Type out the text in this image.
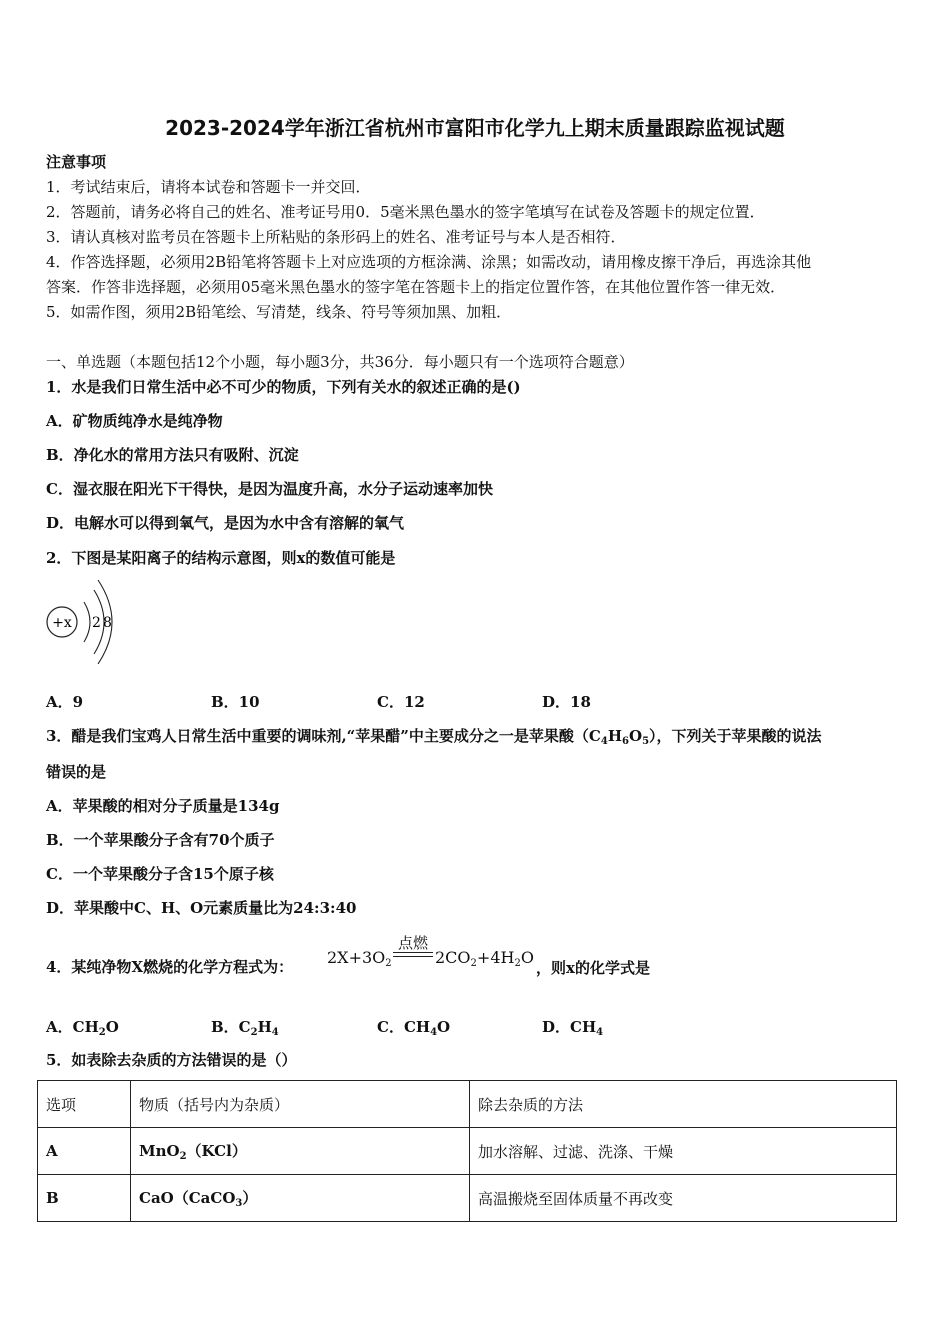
2023-2024学年浙江省杭州市富阳市化学九上期末质量跟踪监视试题
注意事项
1．考试结束后，请将本试卷和答题卡一并交回．
2．答题前，请务必将自己的姓名、准考证号用0．5毫米黑色墨水的签字笔填写在试卷及答题卡的规定位置．
3．请认真核对监考员在答题卡上所粘贴的条形码上的姓名、准考证号与本人是否相符．
4．作答选择题，必须用2B铅笔将答题卡上对应选项的方框涂满、涂黑；如需改动，请用橡皮擦干净后，再选涂其他
答案．作答非选择题，必须用05毫米黑色墨水的签字笔在答题卡上的指定位置作答，在其他位置作答一律无效．
5．如需作图，须用2B铅笔绘、写清楚，线条、符号等须加黑、加粗．
一、单选题（本题包括12个小题，每小题3分，共36分．每小题只有一个选项符合题意）
1．水是我们日常生活中必不可少的物质，下列有关水的叙述正确的是()
A．矿物质纯净水是纯净物
B．净化水的常用方法只有吸附、沉淀
C．湿衣服在阳光下干得快，是因为温度升高，水分子运动速率加快
D．电解水可以得到氧气，是因为水中含有溶解的氧气
2．下图是某阳离子的结构示意图，则x的数值可能是
+x 2 8
A．9	B．10	C．12	D．18
3．醋是我们宝鸡人日常生活中重要的调味剂,“苹果醋”中主要成分之一是苹果酸$(C_4H_6O_5)$，下列关于苹果酸的说法
错误的是
A．苹果酸的相对分子质量是134g
B．一个苹果酸分子含有70个质子
C．一个苹果酸分子含15个原子核
D．苹果酸中C、H、O元素质量比为24:3:40
4．某纯净物X燃烧的化学方程式为： $2X+3O_2$
点燃
$2CO_2+4H_2O$
，则x的化学式是
A．$CH_2O$	B．$C_2H_4$	C．$CH_4O$	D．$CH_4$
5．如表除去杂质的方法错误的是（）
选项	物质（括号内为杂质）	除去杂质的方法
A	MnO$_2$（KCl）	加水溶解、过滤、洗涤、干燥
B	CaO（CaCO$_3$）	高温搬烧至固体质量不再改变
